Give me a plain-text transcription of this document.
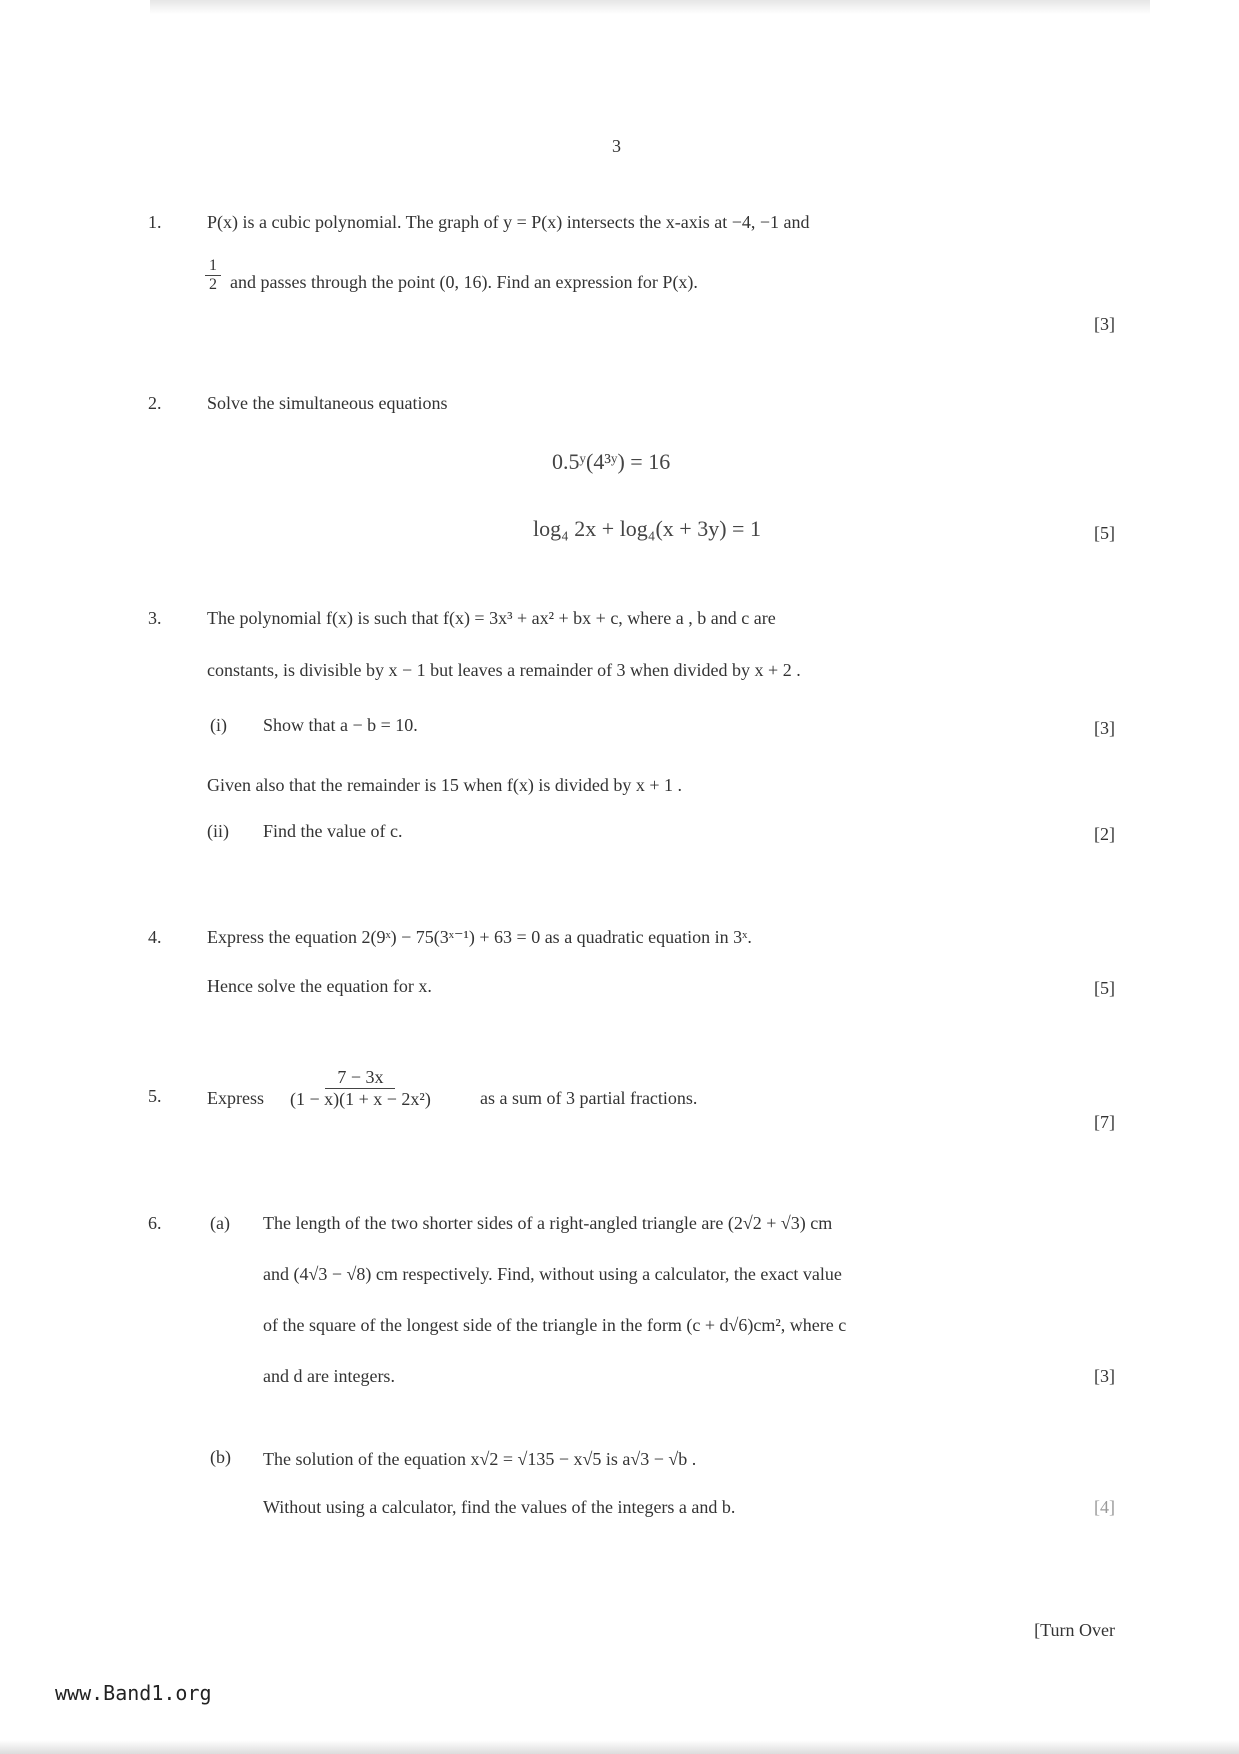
3
1.	P(x) is a cubic polynomial. The graph of y = P(x) intersects the x-axis at −4, −1 and
$\frac{1}{2}$ and passes through the point (0, 16). Find an expression for P(x).
[3]
2.	Solve the simultaneous equations
0.5ʸ(4³ʸ) = 16
log₄ 2x + log₄(x + 3y) = 1	[5]
3.	The polynomial f(x) is such that f(x) = 3x³ + ax² + bx + c, where a , b and c are
constants, is divisible by x − 1 but leaves a remainder of 3 when divided by x + 2 .
(i) Show that a − b = 10.	[3]
Given also that the remainder is 15 when f(x) is divided by x + 1 .
(ii) Find the value of c.	[2]
4.	Express the equation 2(9ˣ) − 75(3ˣ⁻¹) + 63 = 0 as a quadratic equation in 3ˣ.
Hence solve the equation for x.	[5]
5.	Express $\frac{7 - 3x}{\text{(1 − x)(1 + x − 2x²)}}$	as a sum of 3 partial fractions.
[7]
6.	(a) The length of the two shorter sides of a right-angled triangle are (2√2 + √3) cm
and (4√3 − √8) cm respectively. Find, without using a calculator, the exact value
of the square of the longest side of the triangle in the form (c + d√6)cm², where c
and d are integers.	[3]
(b) The solution of the equation x√2 = √135 − x√5 is a√3 − √b .
Without using a calculator, find the values of the integers a and b.	[4]
[Turn Over
www.Band1.org
